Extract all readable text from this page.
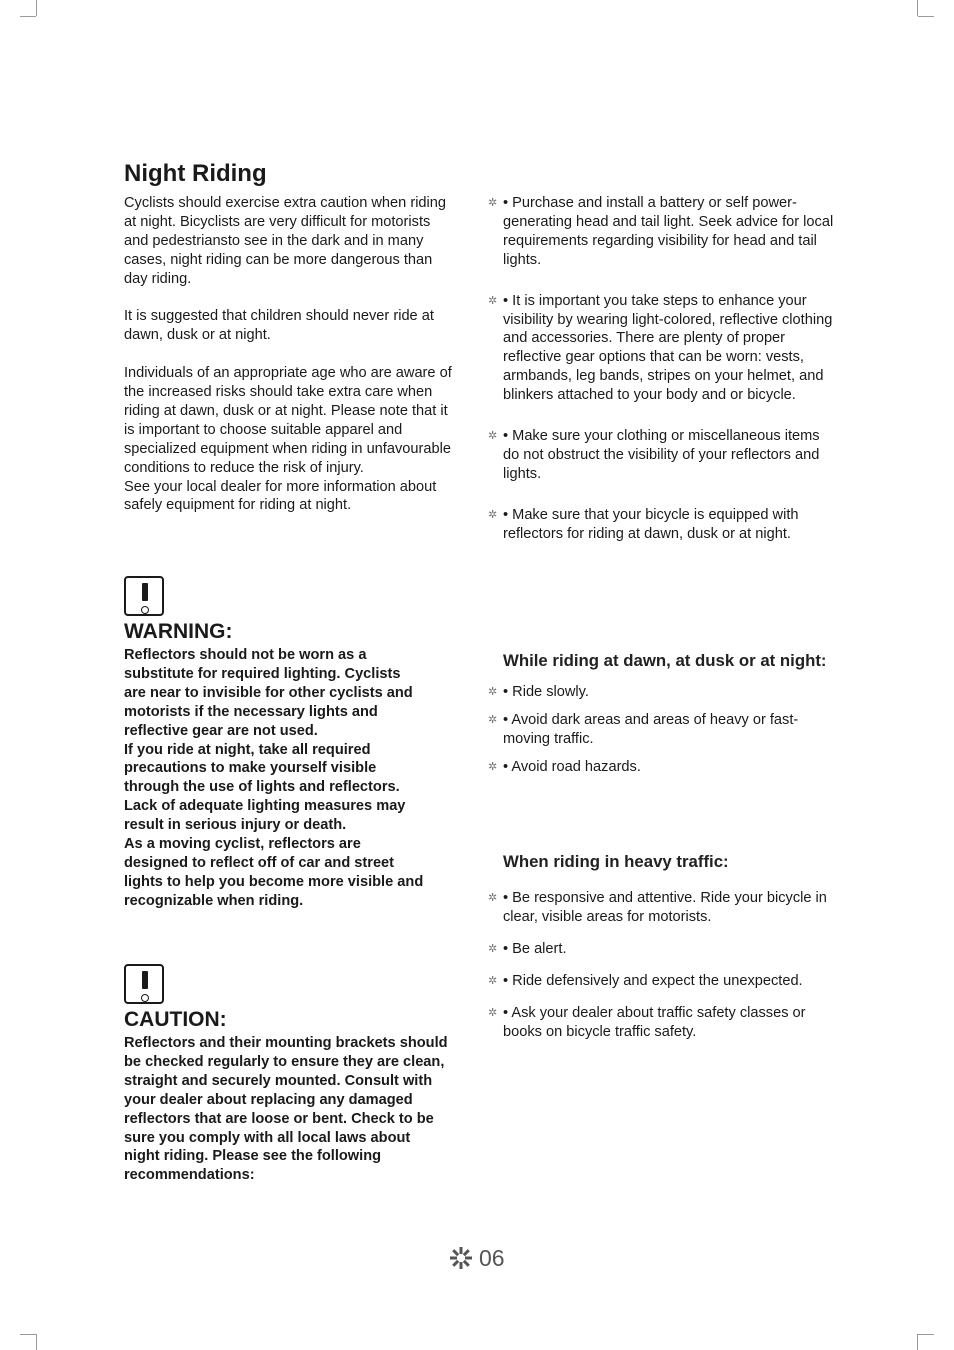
Night Riding

Cyclists should exercise extra caution when riding at night. Bicyclists are very difficult for motorists and pedestriansto see in the dark and in many cases, night riding can be more dangerous than day riding.

It is suggested that children should never ride at dawn, dusk or at night.

Individuals of an appropriate age who are aware of the increased risks should take extra care when riding at dawn, dusk or at night. Please note that it is important to choose suitable apparel and specialized equipment when riding in unfavourable conditions to reduce the risk of injury.

See your local dealer for more information about safely equipment for riding at night.

WARNING:

Reflectors should not be worn as a substitute for required lighting. Cyclists are near to invisible for other cyclists and motorists if the necessary lights and reflective gear are not used.

If you ride at night, take all required precautions to make yourself visible through the use of lights and reflectors. Lack of adequate lighting measures may result in serious injury or death.

As a moving cyclist, reflectors are designed to reflect off of car and street lights to help you become more visible and recognizable when riding.

CAUTION:

Reflectors and their mounting brackets should be checked regularly to ensure they are clean, straight and securely mounted. Consult with your dealer about replacing any damaged reflectors that are loose or bent. Check to be sure you comply with all local laws about night riding. Please see the following recommendations:

✲ • Purchase and install a battery or self power-generating head and tail light. Seek advice for local requirements regarding visibility for head and tail lights.
✲ • It is important you take steps to enhance your visibility by wearing light-colored, reflective clothing and accessories. There are plenty of proper reflective gear options that can be worn: vests, armbands, leg bands, stripes on your helmet, and blinkers attached to your body and or bicycle.
✲ • Make sure your clothing or miscellaneous items do not obstruct the visibility of your reflectors and lights.
✲ • Make sure that your bicycle is equipped with reflectors for riding at dawn, dusk or at night.
While riding at dawn, at dusk or at night:
✲ • Ride slowly.
✲ • Avoid dark areas and areas of heavy or fast-moving traffic.
✲ • Avoid road hazards.
When riding in heavy traffic:
✲ • Be responsive and attentive. Ride your bicycle in clear, visible areas for motorists.
✲ • Be alert.
✲ • Ride defensively and expect the unexpected.
✲ • Ask your dealer about traffic safety classes or books on bicycle traffic safety.
06
